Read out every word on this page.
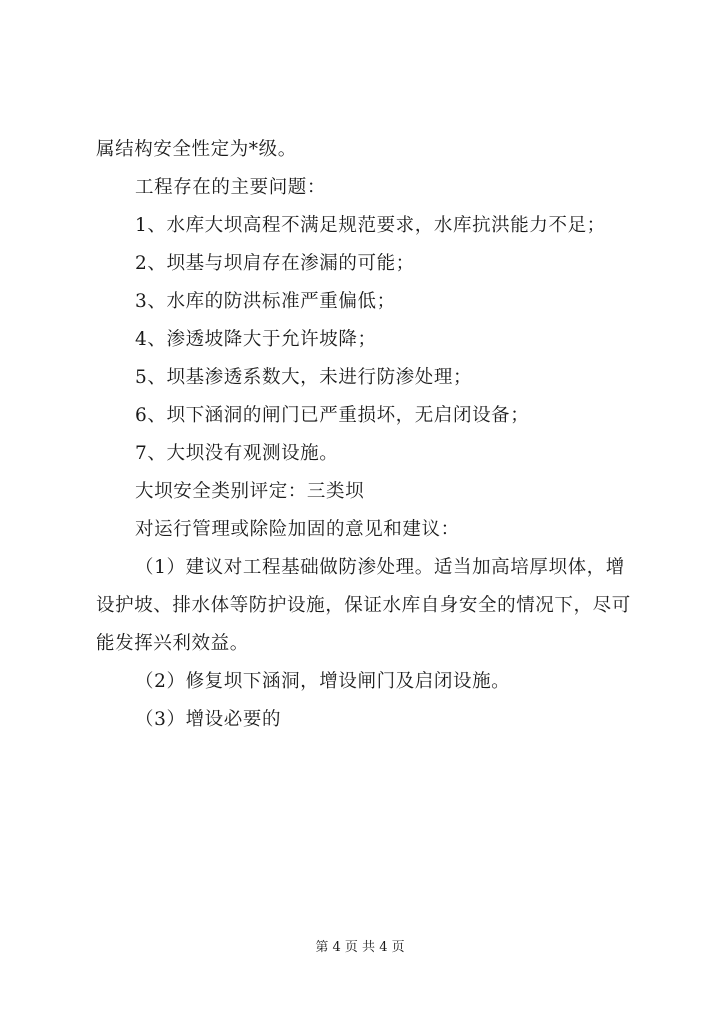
属结构安全性定为*级。
工程存在的主要问题：
1、水库大坝高程不满足规范要求，水库抗洪能力不足；
2、坝基与坝肩存在渗漏的可能；
3、水库的防洪标准严重偏低；
4、渗透坡降大于允许坡降；
5、坝基渗透系数大，未进行防渗处理；
6、坝下涵洞的闸门已严重损坏，无启闭设备；
7、大坝没有观测设施。
大坝安全类别评定：三类坝
对运行管理或除险加固的意见和建议：
（1）建议对工程基础做防渗处理。适当加高培厚坝体，增
设护坡、排水体等防护设施，保证水库自身安全的情况下，尽可
能发挥兴利效益。
（2）修复坝下涵洞，增设闸门及启闭设施。
（3）增设必要的
第 4 页 共 4 页
